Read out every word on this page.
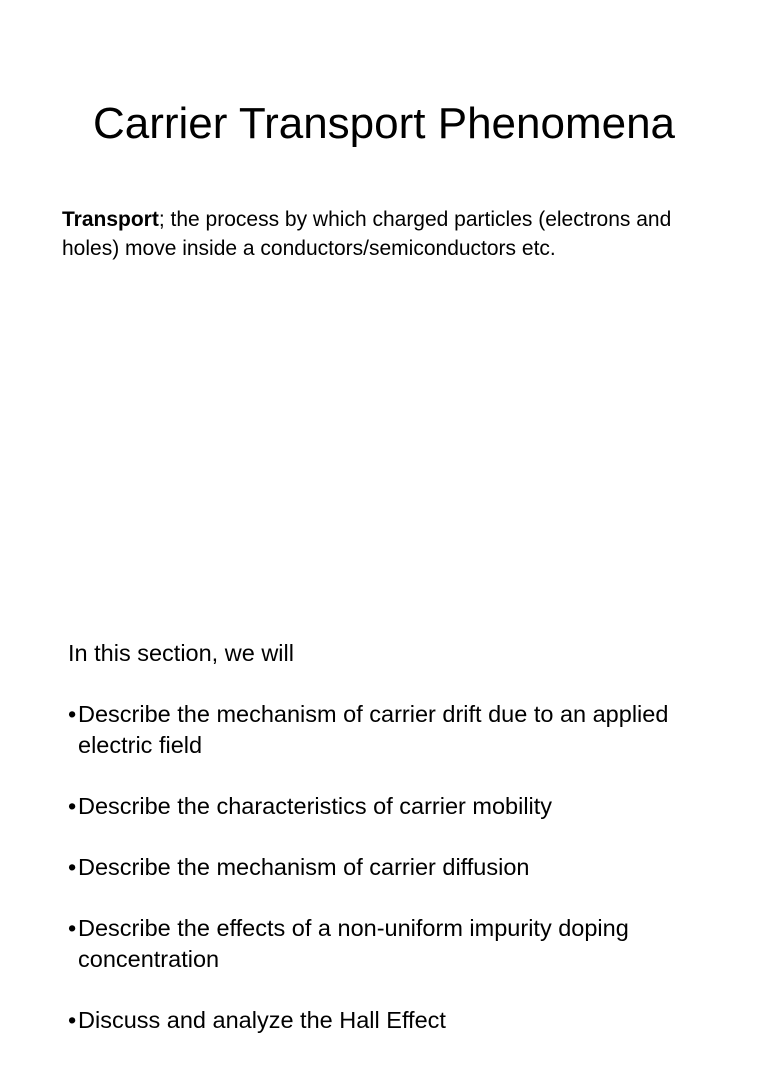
Carrier Transport Phenomena

Transport; the process by which charged particles (electrons and holes) move inside a conductors/semiconductors etc.

In this section, we will

• Describe the mechanism of carrier drift due to an applied electric field
• Describe the characteristics of carrier mobility
• Describe the mechanism of carrier diffusion
• Describe the effects of a non-uniform impurity doping concentration
• Discuss and analyze the Hall Effect
